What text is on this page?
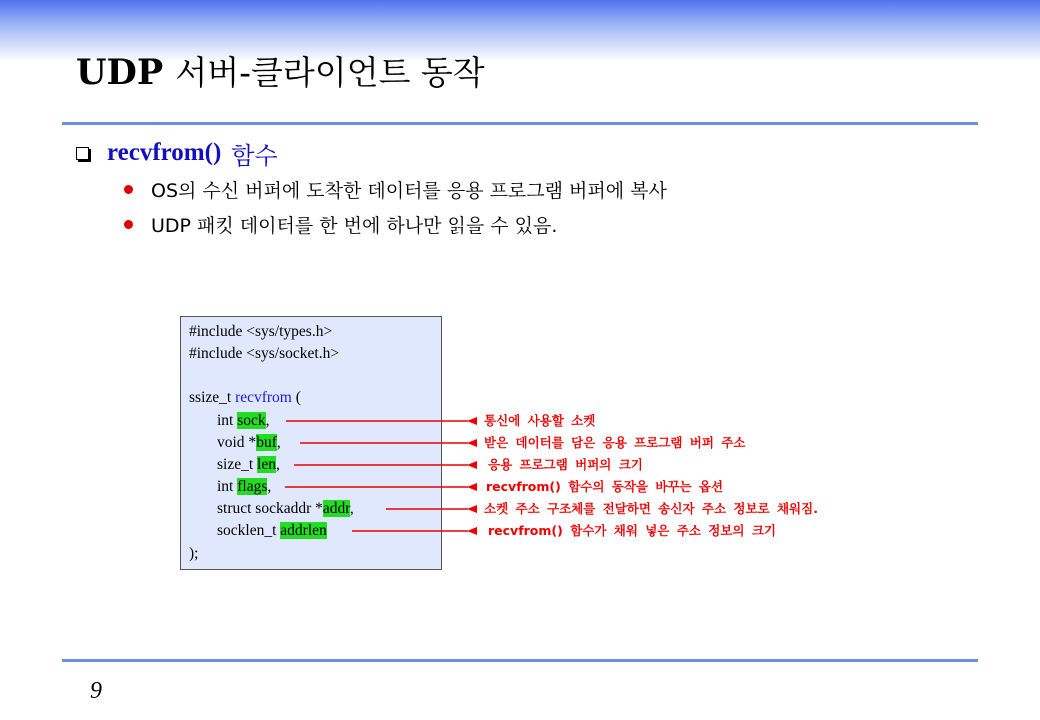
UDP 서버-클라이언트 동작
recvfrom() 함수
OS의 수신 버퍼에 도착한 데이터를 응용 프로그램 버퍼에 복사
UDP 패킷 데이터를 한 번에 하나만 읽을 수 있음.
#include <sys/types.h>
#include <sys/socket.h>
ssize_t recvfrom (
int sock,
void *buf,
size_t len,
int flags,
struct sockaddr *addr,
socklen_t addrlen
);
통신에 사용할 소켓
받은 데이터를 담은 응용 프로그램 버퍼 주소
응용 프로그램 버퍼의 크기
recvfrom() 함수의 동작을 바꾸는 옵션
소켓 주소 구조체를 전달하면 송신자 주소 정보로 채워짐.
recvfrom() 함수가 채워 넣은 주소 정보의 크기
9
